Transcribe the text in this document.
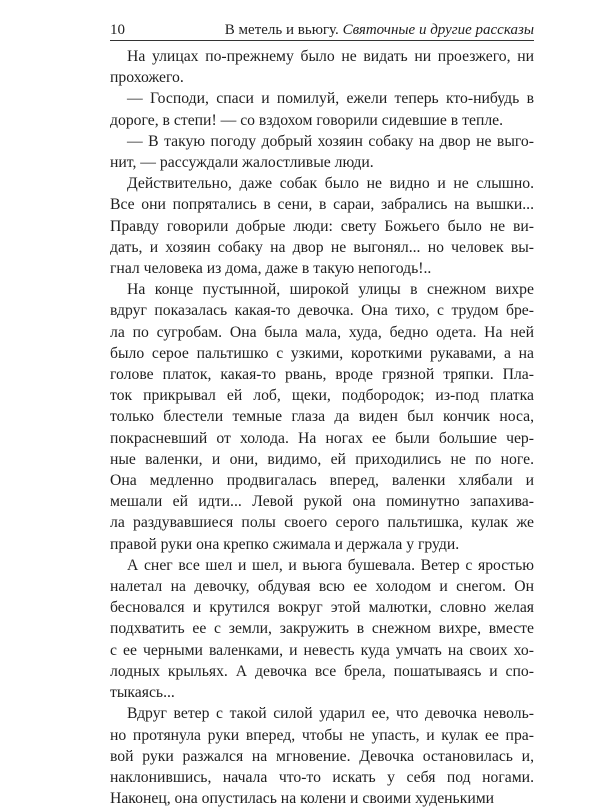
10	В метель и вьюгу. Святочные и другие рассказы
На улицах по-прежнему было не видать ни проезжего, ни
прохожего.
— Господи, спаси и помилуй, ежели теперь кто-нибудь в
дороге, в степи! — со вздохом говорили сидевшие в тепле.
— В такую погоду добрый хозяин собаку на двор не выго-
нит, — рассуждали жалостливые люди.
Действительно, даже собак было не видно и не слышно.
Все они попрятались в сени, в сараи, забрались на вышки...
Правду говорили добрые люди: свету Божьего было не ви-
дать, и хозяин собаку на двор не выгонял... но человек вы-
гнал человека из дома, даже в такую непогодь!..
На конце пустынной, широкой улицы в снежном вихре
вдруг показалась какая-то девочка. Она тихо, с трудом бре-
ла по сугробам. Она была мала, худа, бедно одета. На ней
было серое пальтишко с узкими, короткими рукавами, а на
голове платок, какая-то рвань, вроде грязной тряпки. Пла-
ток прикрывал ей лоб, щеки, подбородок; из-под платка
только блестели темные глаза да виден был кончик носа,
покрасневший от холода. На ногах ее были большие чер-
ные валенки, и они, видимо, ей приходились не по ноге.
Она медленно продвигалась вперед, валенки хлябали и
мешали ей идти... Левой рукой она поминутно запахива-
ла раздувавшиеся полы своего серого пальтишка, кулак же
правой руки она крепко сжимала и держала у груди.
А снег все шел и шел, и вьюга бушевала. Ветер с яростью
налетал на девочку, обдувая всю ее холодом и снегом. Он
бесновался и крутился вокруг этой малютки, словно желая
подхватить ее с земли, закружить в снежном вихре, вместе
с ее черными валенками, и невесть куда умчать на своих хо-
лодных крыльях. А девочка все брела, пошатываясь и спо-
тыкаясь...
Вдруг ветер с такой силой ударил ее, что девочка неволь-
но протянула руки вперед, чтобы не упасть, и кулак ее пра-
вой руки разжался на мгновение. Девочка остановилась и,
наклонившись, начала что-то искать у себя под ногами.
Наконец, она опустилась на колени и своими худенькими
